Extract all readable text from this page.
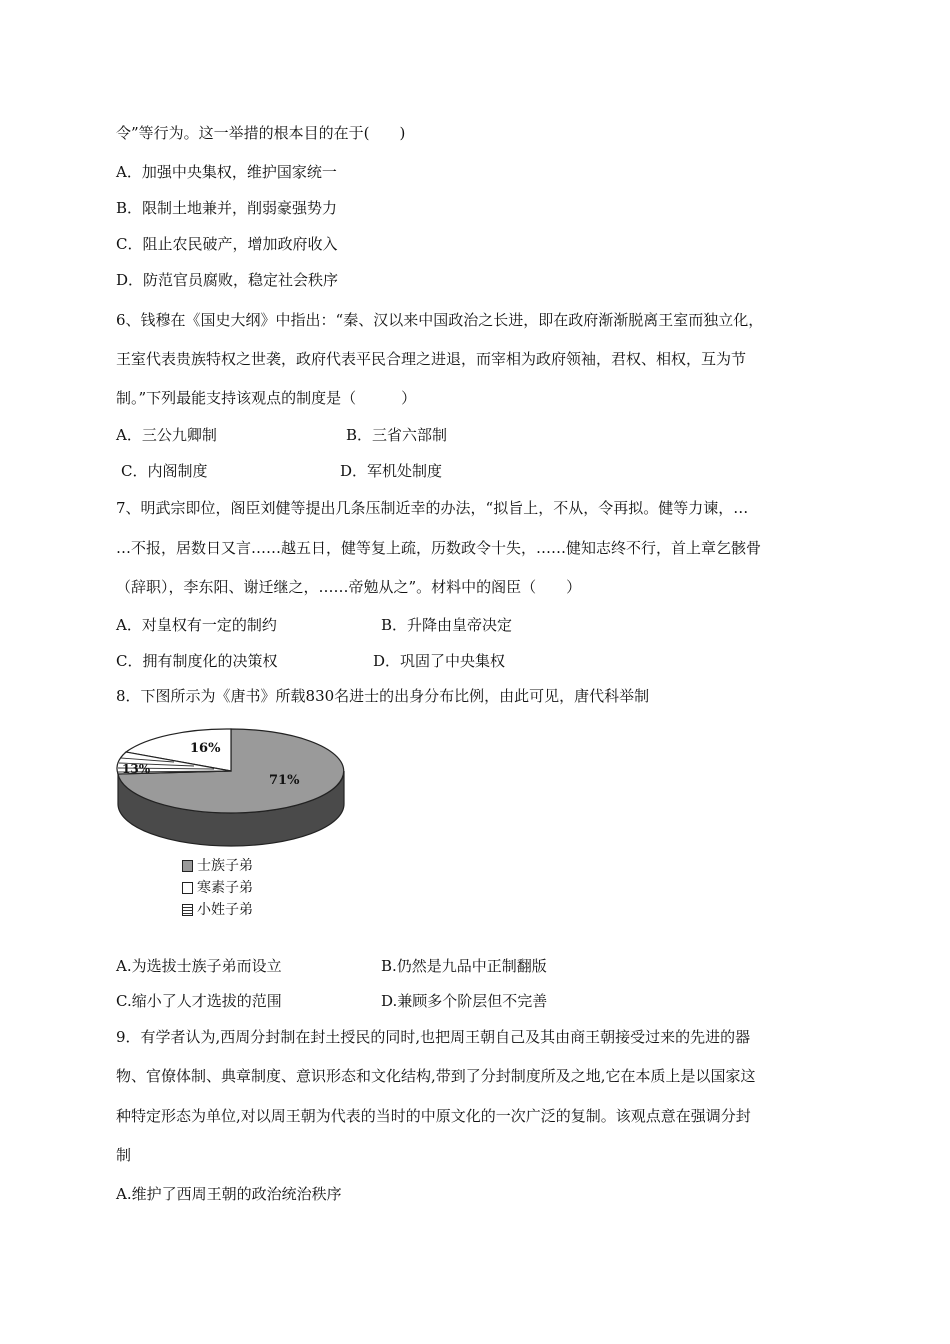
令”等行为。这一举措的根本目的在于(　　)
A．加强中央集权，维护国家统一
B．限制土地兼并，削弱豪强势力
C．阻止农民破产，增加政府收入
D．防范官员腐败，稳定社会秩序
6、钱穆在《国史大纲》中指出：“秦、汉以来中国政治之长进，即在政府渐渐脱离王室而独立化，
王室代表贵族特权之世袭，政府代表平民合理之进退，而宰相为政府领袖，君权、相权，互为节
制。”下列最能支持该观点的制度是（　　　）
A．三公九卿制	B．三省六部制
C．内阁制度	D．军机处制度
7、明武宗即位，阁臣刘健等提出几条压制近幸的办法，“拟旨上，不从，令再拟。健等力谏，…
…不报，居数日又言……越五日，健等复上疏，历数政令十失，……健知志终不行，首上章乞骸骨
（辞职），李东阳、谢迁继之，……帝勉从之”。材料中的阁臣（　　）
A．对皇权有一定的制约	B．升降由皇帝决定
C．拥有制度化的决策权	D．巩固了中央集权
8．下图所示为《唐书》所载830名进士的出身分布比例，由此可见，唐代科举制
71%
16%
13%
士族子弟
寒素子弟
小姓子弟
A.为选拔士族子弟而设立	B.仍然是九品中正制翻版
C.缩小了人才选拔的范围	D.兼顾多个阶层但不完善
9．有学者认为,西周分封制在封土授民的同时,也把周王朝自己及其由商王朝接受过来的先进的器
物、官僚体制、典章制度、意识形态和文化结构,带到了分封制度所及之地,它在本质上是以国家这
种特定形态为单位,对以周王朝为代表的当时的中原文化的一次广泛的复制。该观点意在强调分封
制
A.维护了西周王朝的政治统治秩序
